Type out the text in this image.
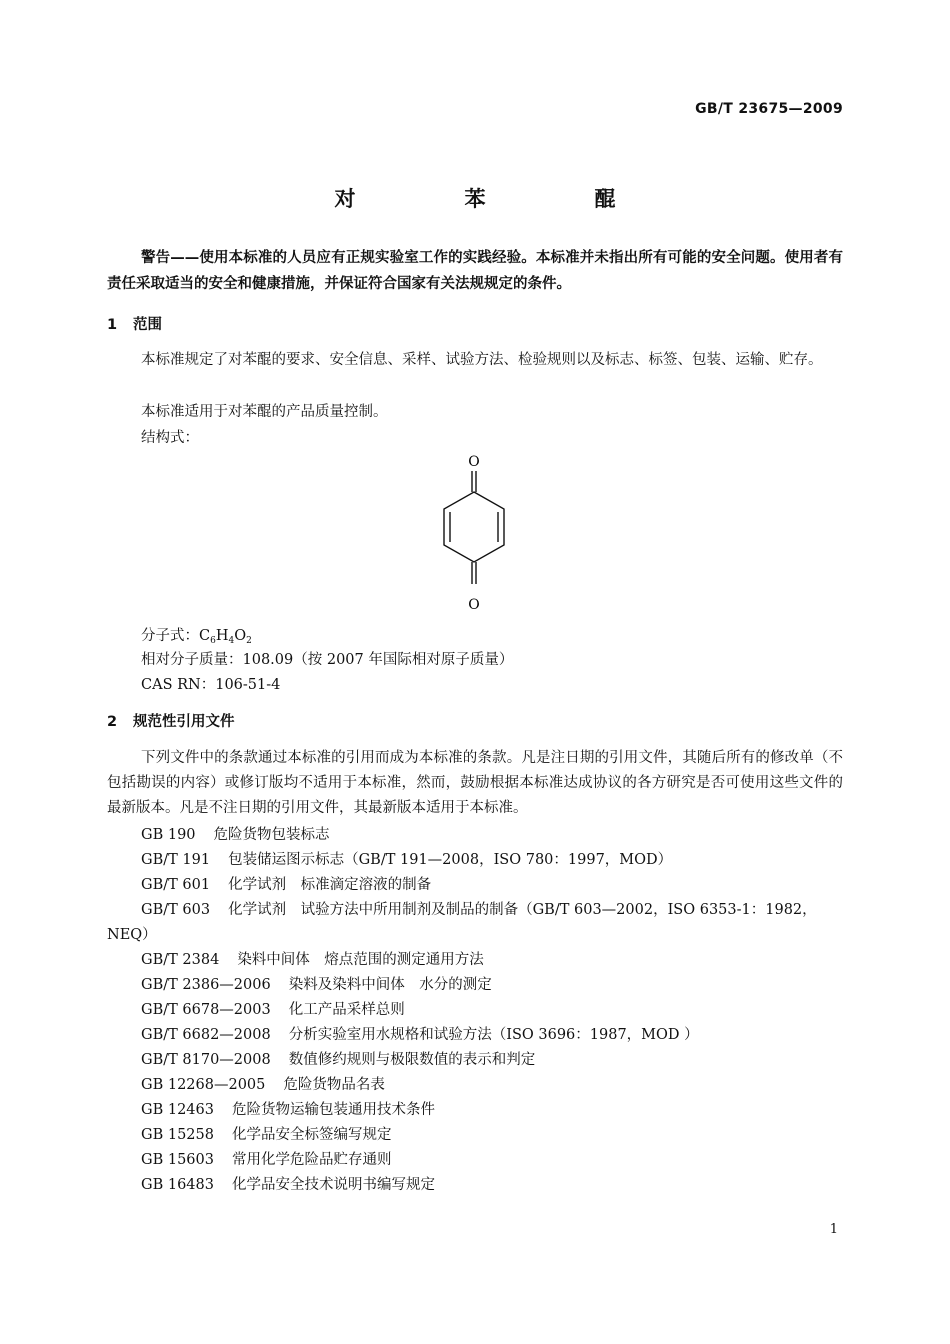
GB/T 23675—2009
对　苯　醌
警告——使用本标准的人员应有正规实验室工作的实践经验。本标准并未指出所有可能的安全问题。使用者有责任采取适当的安全和健康措施，并保证符合国家有关法规规定的条件。
1 范围
本标准规定了对苯醌的要求、安全信息、采样、试验方法、检验规则以及标志、标签、包装、运输、贮存。
本标准适用于对苯醌的产品质量控制。
结构式：
O
O
分子式：$C_6H_4O_2$
相对分子质量：108.09（按 2007 年国际相对原子质量）
CAS RN：106-51-4
2 规范性引用文件
下列文件中的条款通过本标准的引用而成为本标准的条款。凡是注日期的引用文件，其随后所有的修改单（不包括勘误的内容）或修订版均不适用于本标准，然而，鼓励根据本标准达成协议的各方研究是否可使用这些文件的最新版本。凡是不注日期的引用文件，其最新版本适用于本标准。
GB 190 危险货物包装标志
GB/T 191 包装储运图示标志（GB/T 191—2008，ISO 780：1997，MOD）
GB/T 601 化学试剂　标准滴定溶液的制备
GB/T 603 化学试剂　试验方法中所用制剂及制品的制备（GB/T 603—2002，ISO 6353-1：1982，
NEQ）
GB/T 2384 染料中间体　熔点范围的测定通用方法
GB/T 2386—2006 染料及染料中间体　水分的测定
GB/T 6678—2003 化工产品采样总则
GB/T 6682—2008 分析实验室用水规格和试验方法（ISO 3696：1987，MOD ）
GB/T 8170—2008 数值修约规则与极限数值的表示和判定
GB 12268—2005 危险货物品名表
GB 12463 危险货物运输包装通用技术条件
GB 15258 化学品安全标签编写规定
GB 15603 常用化学危险品贮存通则
GB 16483 化学品安全技术说明书编写规定
1
